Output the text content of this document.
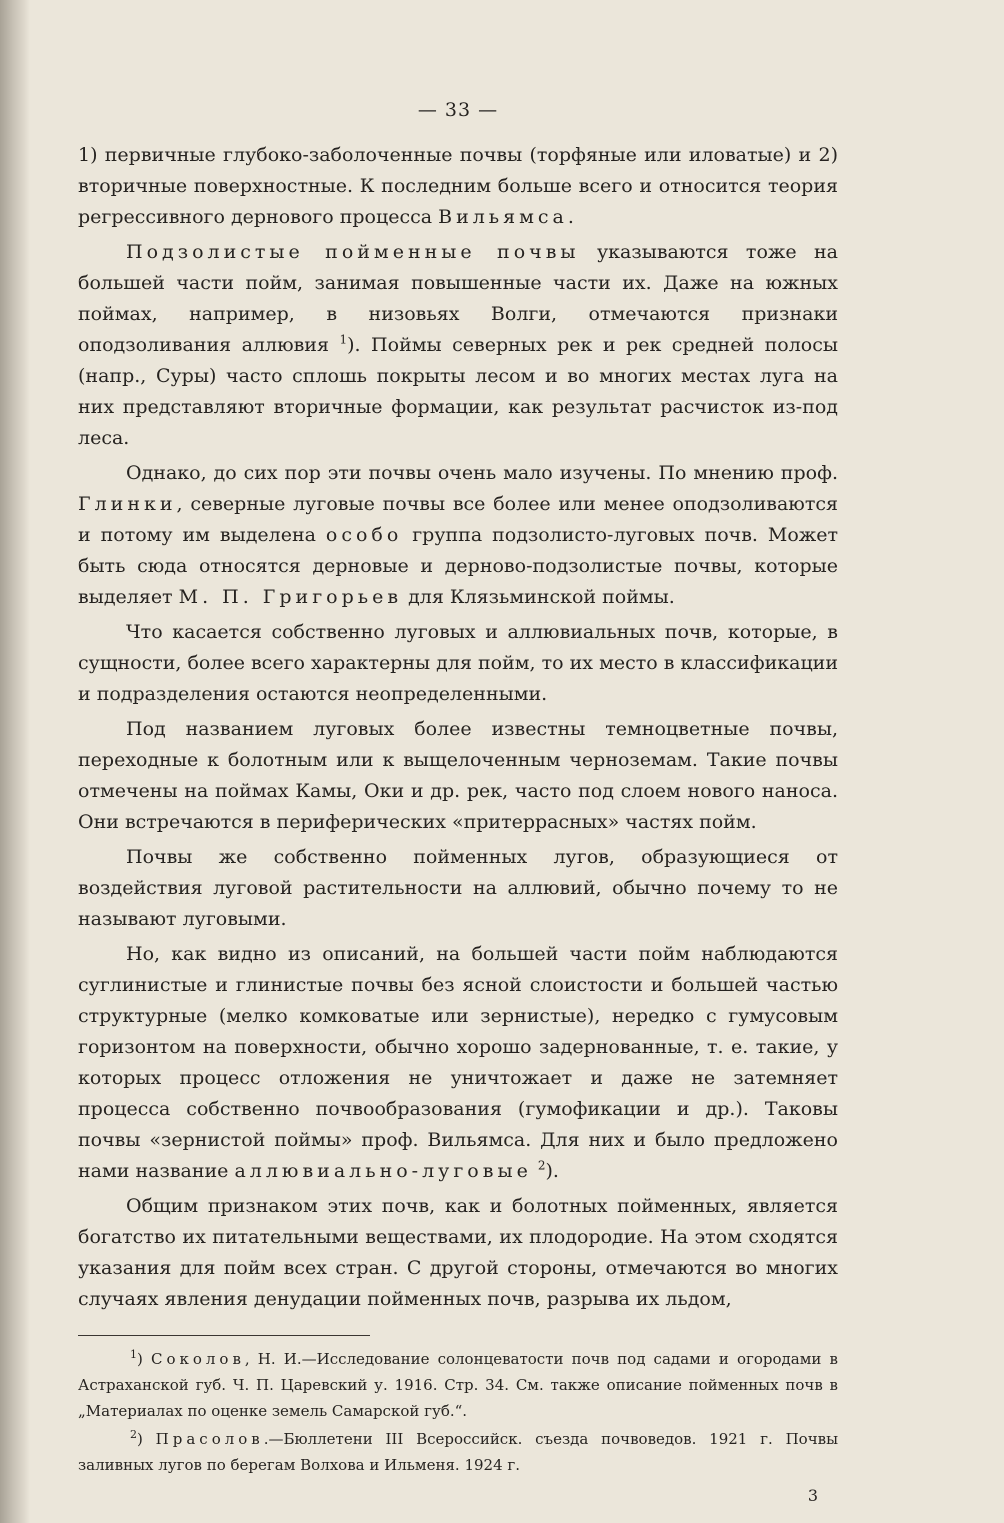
— 33 —

1) первичные глубоко-заболоченные почвы (торфяные или иловатые) и 2) вторичные поверхностные. К последним больше всего и относится теория регрессивного дернового процесса Вильямса.

Подзолистые пойменные почвы указываются тоже на большей части пойм, занимая повышенные части их. Даже на южных поймах, например, в низовьях Волги, отмечаются признаки оподзоливания аллювия $^1$). Поймы северных рек и рек средней полосы (напр., Суры) часто сплошь покрыты лесом и во многих местах луга на них представляют вторичные формации, как результат расчисток из-под леса.

Однако, до сих пор эти почвы очень мало изучены. По мнению проф. Глинки, северные луговые почвы все более или менее оподзоливаются и потому им выделена особо группа подзолисто-луговых почв. Может быть сюда относятся дерновые и дерново-подзолистые почвы, которые выделяет М. П. Григорьев для Клязьминской поймы.

Что касается собственно луговых и аллювиальных почв, которые, в сущности, более всего характерны для пойм, то их место в классификации и подразделения остаются неопределенными.

Под названием луговых более известны темноцветные почвы, переходные к болотным или к выщелоченным черноземам. Такие почвы отмечены на поймах Камы, Оки и др. рек, часто под слоем нового наноса. Они встречаются в периферических «притеррасных» частях пойм.

Почвы же собственно пойменных лугов, образующиеся от воздействия луговой растительности на аллювий, обычно почему то не называют луговыми.

Но, как видно из описаний, на большей части пойм наблюдаются суглинистые и глинистые почвы без ясной слоистости и большей частью структурные (мелко комковатые или зернистые), нередко с гумусовым горизонтом на поверхности, обычно хорошо задернованные, т. е. такие, у которых процесс отложения не уничтожает и даже не затемняет процесса собственно почвообразования (гумофикации и др.). Таковы почвы «зернистой поймы» проф. Вильямса. Для них и было предложено нами название аллювиально-луговые $^2$).

Общим признаком этих почв, как и болотных пойменных, является богатство их питательными веществами, их плодородие. На этом сходятся указания для пойм всех стран. С другой стороны, отмечаются во многих случаях явления денудации пойменных почв, разрыва их льдом,

$^1$) Соколов, Н. И.—Исследование солонцеватости почв под садами и огородами в Астраханской губ. Ч. П. Царевский у. 1916. Стр. 34. См. также описание пойменных почв в „Материалах по оценке земель Самарской губ.“.

$^2$) Прасолов.—Бюллетени III Всероссийск. съезда почвоведов. 1921 г. Почвы заливных лугов по берегам Волхова и Ильменя. 1924 г.

3
